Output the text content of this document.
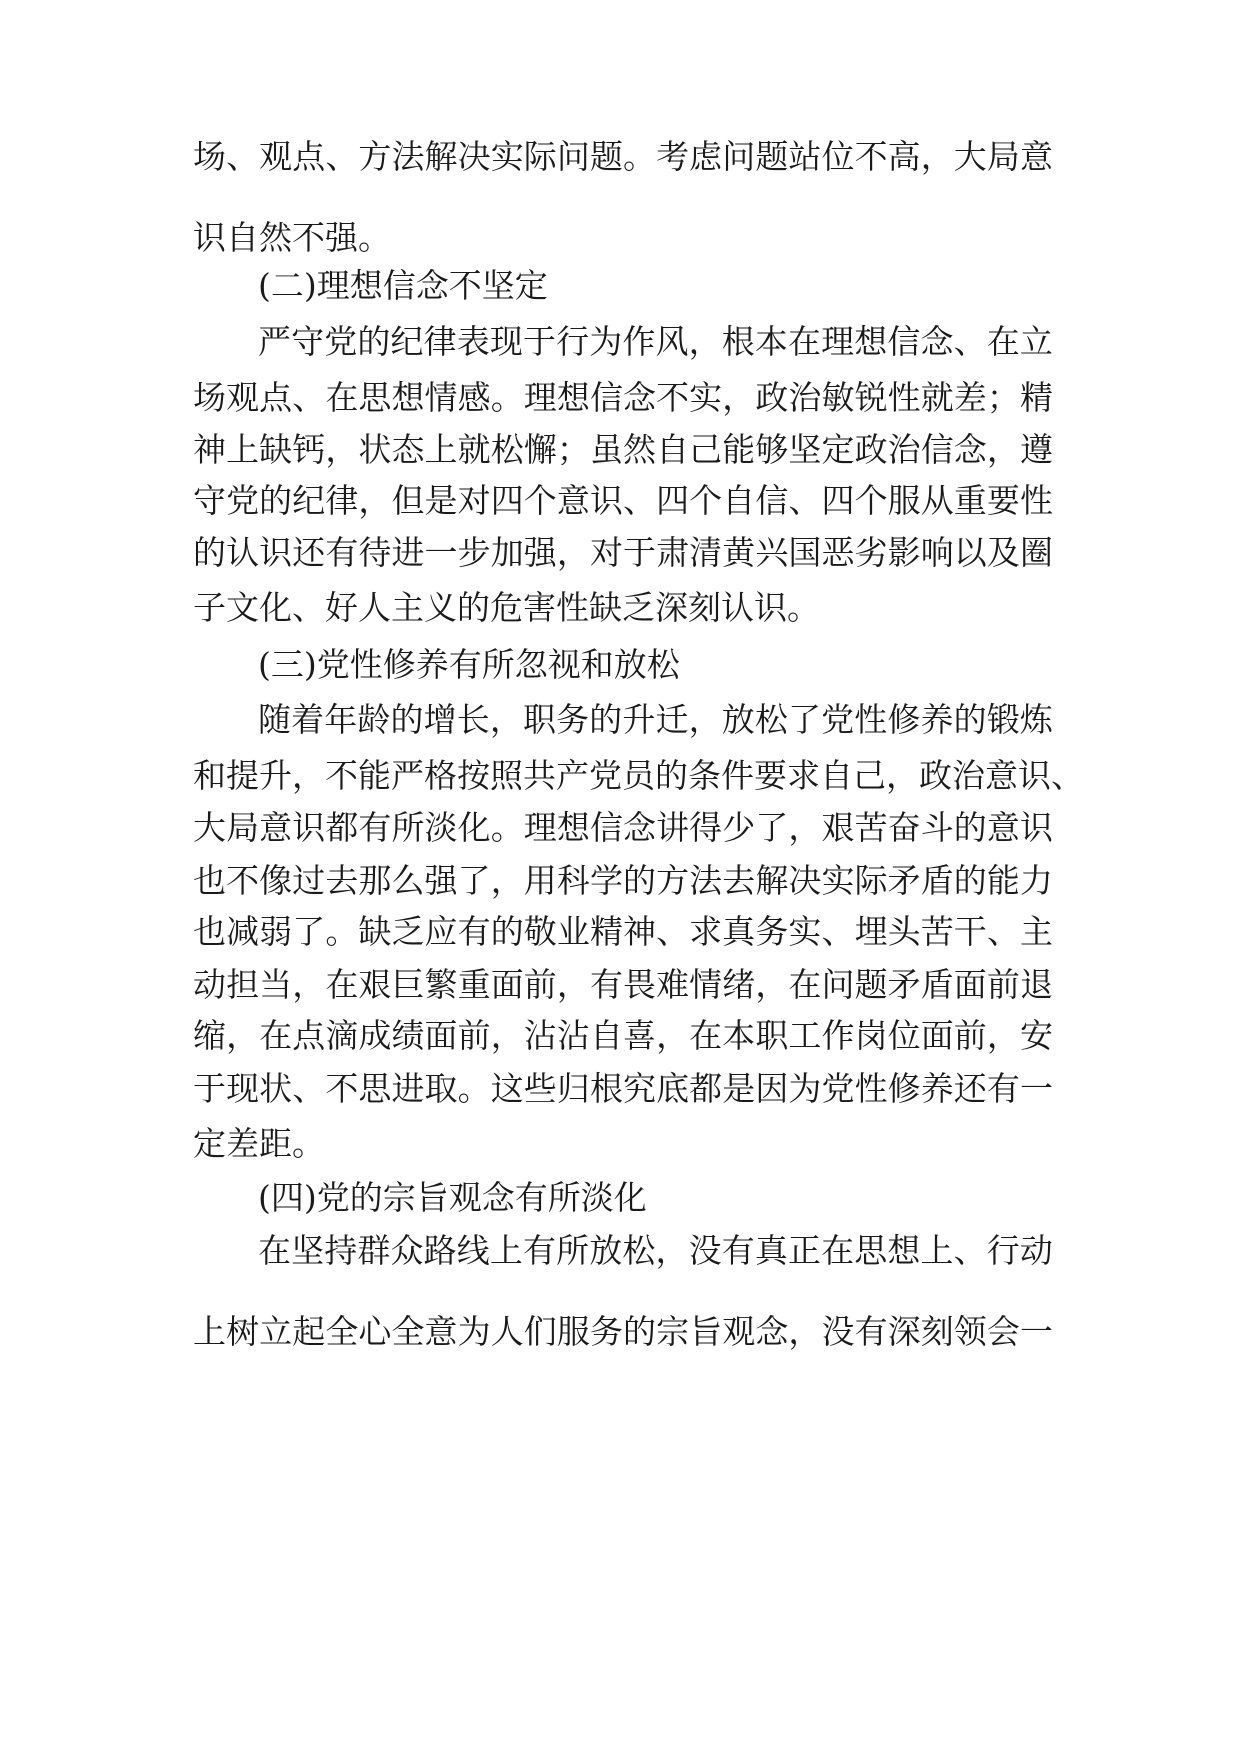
场 、 观 点 、 方 法 解 决 实 际 问 题 。 考 虑 问 题 站 位 不 高 ， 大 局 意
识自然不强。
(二)理想信念不坚定
严 守 党 的 纪 律 表 现 于 行 为 作 风 ， 根 本 在 理 想 信 念 、 在 立
场 观 点 、 在 思 想 情 感 。 理 想 信 念 不 实 ， 政 治 敏 锐 性 就 差 ； 精
神 上 缺 钙 ， 状 态 上 就 松 懈 ； 虽 然 自 己 能 够 坚 定 政 治 信 念 ， 遵
守 党 的 纪 律 ， 但 是 对 四 个 意 识 、 四 个 自 信 、 四 个 服 从 重 要 性
的 认 识 还 有 待 进 一 步 加 强 ， 对 于 肃 清 黄 兴 国 恶 劣 影 响 以 及 圈
子文化、好人主义的危害性缺乏深刻认识。
(三)党性修养有所忽视和放松
随 着 年 龄 的 增 长 ， 职 务 的 升 迁 ， 放 松 了 党 性 修 养 的 锻 炼
和 提 升 ， 不 能 严 格 按 照 共 产 党 员 的 条 件 要 求 自 己 ， 政 治 意 识 、
大 局 意 识 都 有 所 淡 化 。 理 想 信 念 讲 得 少 了 ， 艰 苦 奋 斗 的 意 识
也 不 像 过 去 那 么 强 了 ， 用 科 学 的 方 法 去 解 决 实 际 矛 盾 的 能 力
也 减 弱 了 。 缺 乏 应 有 的 敬 业 精 神 、 求 真 务 实 、 埋 头 苦 干 、 主
动 担 当 ， 在 艰 巨 繁 重 面 前 ， 有 畏 难 情 绪 ， 在 问 题 矛 盾 面 前 退
缩 ， 在 点 滴 成 绩 面 前 ， 沾 沾 自 喜 ， 在 本 职 工 作 岗 位 面 前 ， 安
于 现 状 、 不 思 进 取 。 这 些 归 根 究 底 都 是 因 为 党 性 修 养 还 有 一
定差距。
(四)党的宗旨观念有所淡化
在 坚 持 群 众 路 线 上 有 所 放 松 ， 没 有 真 正 在 思 想 上 、 行 动
上 树 立 起 全 心 全 意 为 人 们 服 务 的 宗 旨 观 念 ， 没 有 深 刻 领 会 一
